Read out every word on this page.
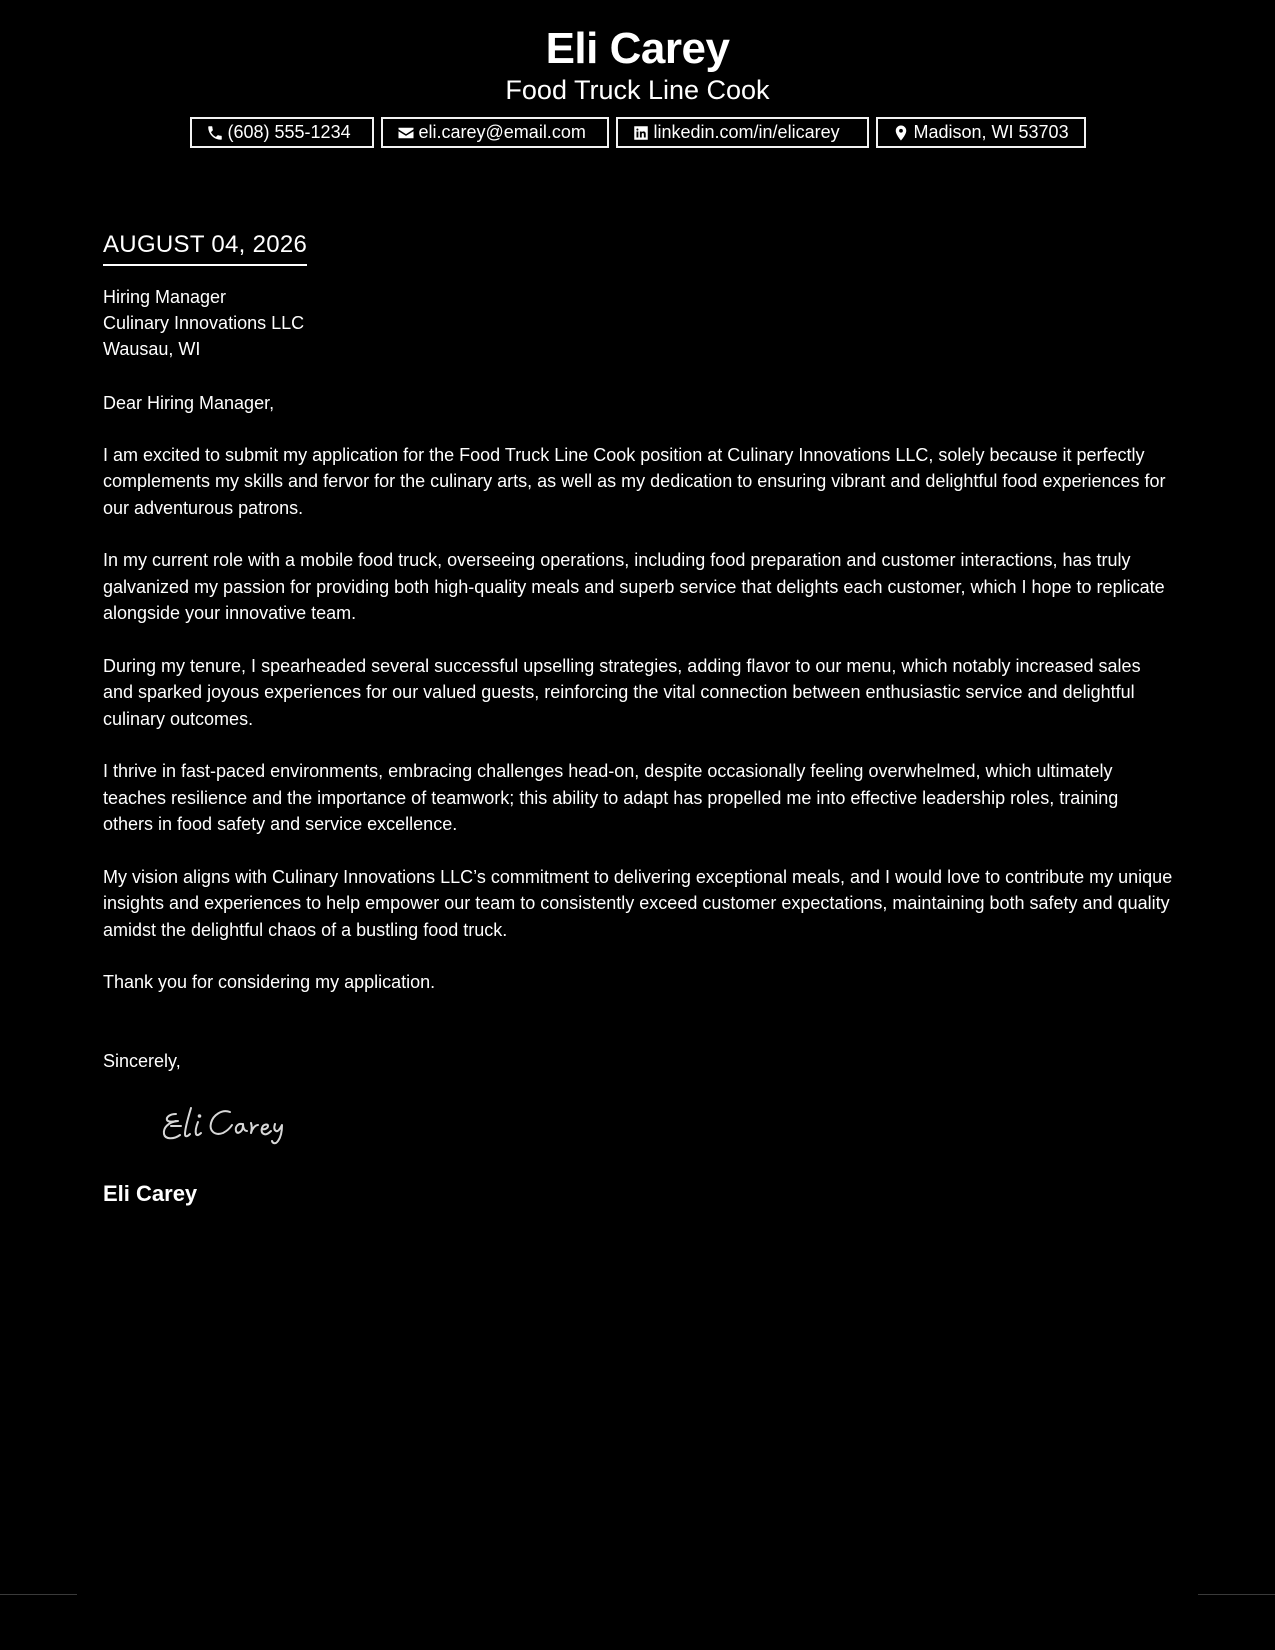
Eli Carey
Food Truck Line Cook
(608) 555-1234	eli.carey@email.com	linkedin.com/in/elicarey	Madison, WI 53703
AUGUST 04, 2026
Hiring Manager
Culinary Innovations LLC
Wausau, WI
Dear Hiring Manager,

I am excited to submit my application for the Food Truck Line Cook position at Culinary Innovations LLC, solely because it perfectly complements my skills and fervor for the culinary arts, as well as my dedication to ensuring vibrant and delightful food experiences for our adventurous patrons.

In my current role with a mobile food truck, overseeing operations, including food preparation and customer interactions, has truly galvanized my passion for providing both high-quality meals and superb service that delights each customer, which I hope to replicate alongside your innovative team.

During my tenure, I spearheaded several successful upselling strategies, adding flavor to our menu, which notably increased sales and sparked joyous experiences for our valued guests, reinforcing the vital connection between enthusiastic service and delightful culinary outcomes.

I thrive in fast-paced environments, embracing challenges head-on, despite occasionally feeling overwhelmed, which ultimately teaches resilience and the importance of teamwork; this ability to adapt has propelled me into effective leadership roles, training others in food safety and service excellence.

My vision aligns with Culinary Innovations LLC’s commitment to delivering exceptional meals, and I would love to contribute my unique insights and experiences to help empower our team to consistently exceed customer expectations, maintaining both safety and quality amidst the delightful chaos of a bustling food truck.

Thank you for considering my application.
Sincerely,
Eli Carey
